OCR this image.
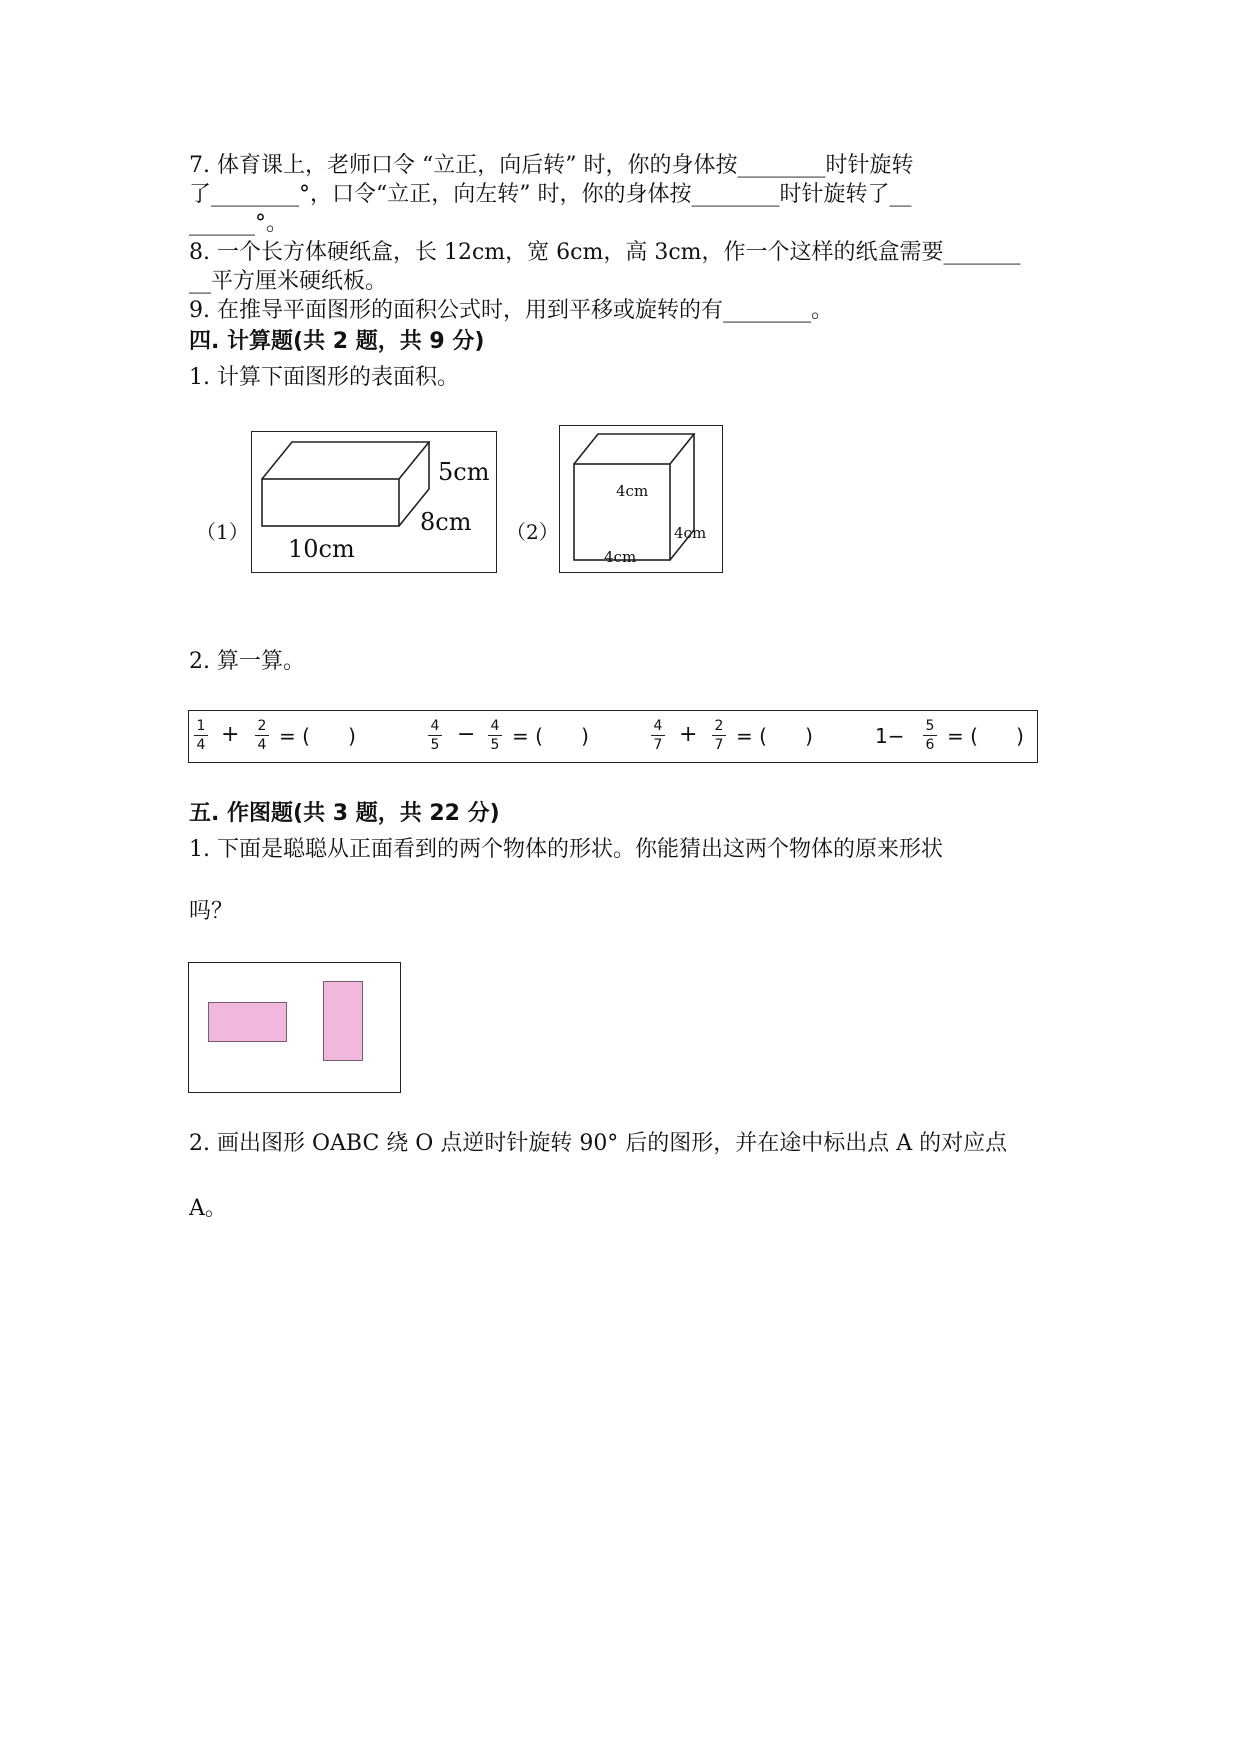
7. 体育课上，老师口令 “立正，向后转” 时，你的身体按________时针旋转
了________°，口令“立正，向左转” 时，你的身体按________时针旋转了__
______°。
8. 一个长方体硬纸盒，长 12cm，宽 6cm，高 3cm，作一个这样的纸盒需要_______
__平方厘米硬纸板。
9. 在推导平面图形的面积公式时，用到平移或旋转的有________。
四. 计算题(共 2 题，共 9 分)
1. 计算下面图形的表面积。
（1）
5cm
8cm
10cm
（2）
4cm
4cm
4cm
2. 算一算。
1
4 + 2
4 = (      )	4
5 − 4
5 = (      )	4
7 + 2
7 = (      )	1− 5
6 = (      )
五. 作图题(共 3 题，共 22 分)
1. 下面是聪聪从正面看到的两个物体的形状。你能猜出这两个物体的原来形状
吗？
2. 画出图形 OABC 绕 O 点逆时针旋转 90° 后的图形，并在途中标出点 A 的对应点
A。
